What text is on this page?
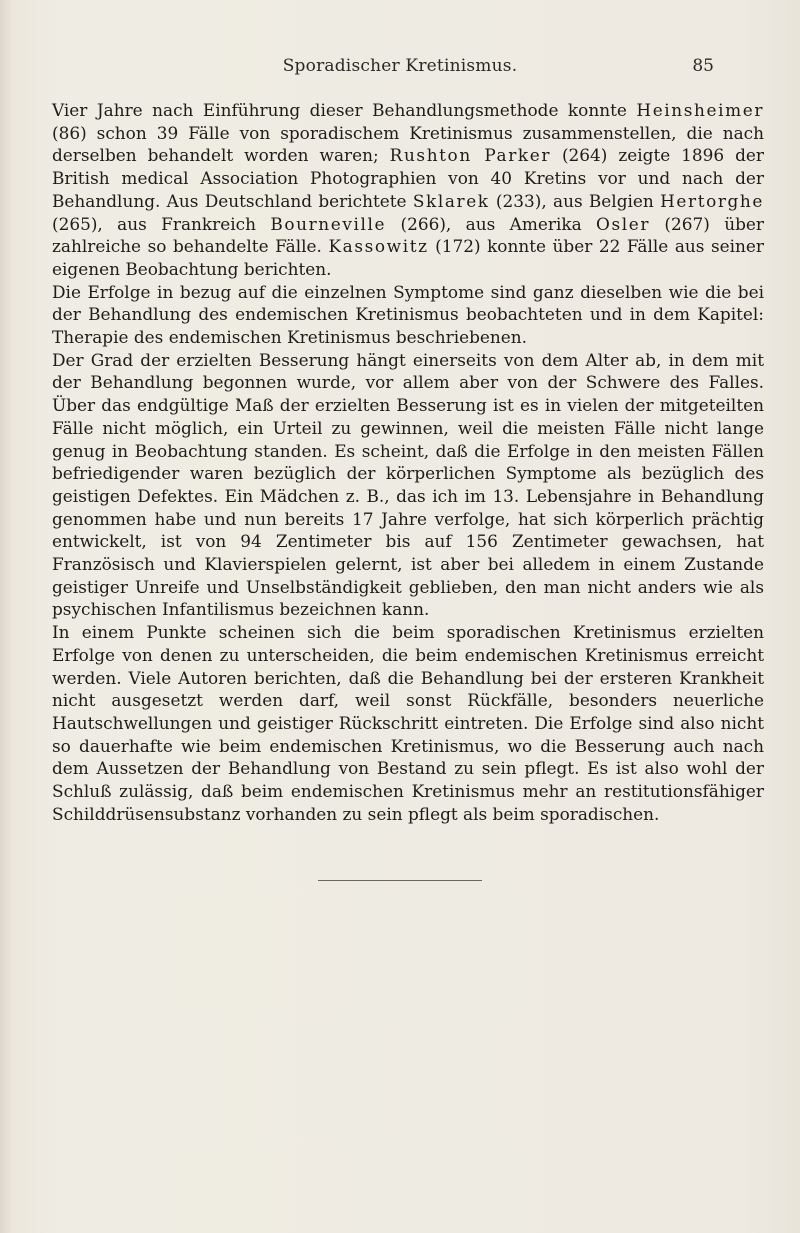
Sporadischer Kretinismus.	85

Vier Jahre nach Einführung dieser Behandlungsmethode konnte Heinsheimer (86) schon 39 Fälle von sporadischem Kretinismus zusammenstellen, die nach derselben behandelt worden waren; Rushton Parker (264) zeigte 1896 der British medical Association Photographien von 40 Kretins vor und nach der Behandlung. Aus Deutschland berichtete Sklarek (233), aus Belgien Hertorghe (265), aus Frankreich Bourneville (266), aus Amerika Osler (267) über zahlreiche so behandelte Fälle. Kassowitz (172) konnte über 22 Fälle aus seiner eigenen Beobachtung berichten.

Die Erfolge in bezug auf die einzelnen Symptome sind ganz dieselben wie die bei der Behandlung des endemischen Kretinismus beobachteten und in dem Kapitel: Therapie des endemischen Kretinismus beschriebenen.

Der Grad der erzielten Besserung hängt einerseits von dem Alter ab, in dem mit der Behandlung begonnen wurde, vor allem aber von der Schwere des Falles. Über das endgültige Maß der erzielten Besserung ist es in vielen der mitgeteilten Fälle nicht möglich, ein Urteil zu gewinnen, weil die meisten Fälle nicht lange genug in Beobachtung standen. Es scheint, daß die Erfolge in den meisten Fällen befriedigender waren bezüglich der körperlichen Symptome als bezüglich des geistigen Defektes. Ein Mädchen z. B., das ich im 13. Lebensjahre in Behandlung genommen habe und nun bereits 17 Jahre verfolge, hat sich körperlich prächtig entwickelt, ist von 94 Zentimeter bis auf 156 Zentimeter gewachsen, hat Französisch und Klavierspielen gelernt, ist aber bei alledem in einem Zustande geistiger Unreife und Unselbständigkeit geblieben, den man nicht anders wie als psychischen Infantilismus bezeichnen kann.

In einem Punkte scheinen sich die beim sporadischen Kretinismus erzielten Erfolge von denen zu unterscheiden, die beim endemischen Kretinismus erreicht werden. Viele Autoren berichten, daß die Behandlung bei der ersteren Krankheit nicht ausgesetzt werden darf, weil sonst Rückfälle, besonders neuerliche Hautschwellungen und geistiger Rückschritt eintreten. Die Erfolge sind also nicht so dauerhafte wie beim endemischen Kretinismus, wo die Besserung auch nach dem Aussetzen der Behandlung von Bestand zu sein pflegt. Es ist also wohl der Schluß zulässig, daß beim endemischen Kretinismus mehr an restitutionsfähiger Schilddrüsensubstanz vorhanden zu sein pflegt als beim sporadischen.
